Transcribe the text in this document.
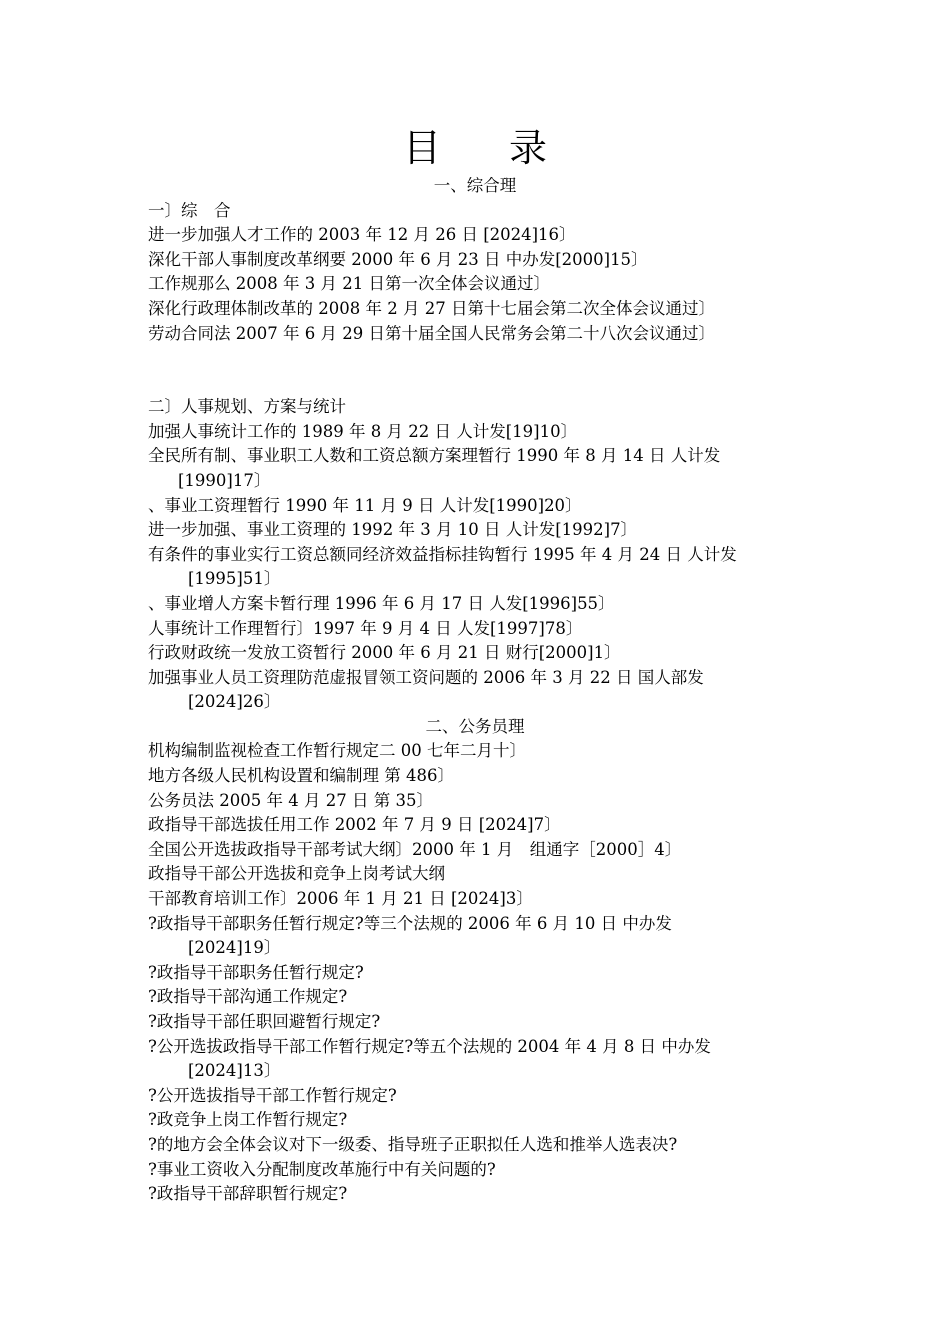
目 录
一、综合理
一〕综　合
进一步加强人才工作的 2003 年 12 月 26 日 [2024]16〕
深化干部人事制度改革纲要 2000 年 6 月 23 日 中办发[2000]15〕
工作规那么 2008 年 3 月 21 日第一次全体会议通过〕
深化行政理体制改革的 2008 年 2 月 27 日第十七届会第二次全体会议通过〕
劳动合同法 2007 年 6 月 29 日第十届全国人民常务会第二十八次会议通过〕
二〕人事规划、方案与统计
加强人事统计工作的 1989 年 8 月 22 日 人计发[19]10〕
全民所有制、事业职工人数和工资总额方案理暂行 1990 年 8 月 14 日 人计发
[1990]17〕
、事业工资理暂行 1990 年 11 月 9 日 人计发[1990]20〕
进一步加强、事业工资理的 1992 年 3 月 10 日 人计发[1992]7〕
有条件的事业实行工资总额同经济效益指标挂钩暂行 1995 年 4 月 24 日 人计发
[1995]51〕
、事业增人方案卡暂行理 1996 年 6 月 17 日 人发[1996]55〕
人事统计工作理暂行〕1997 年 9 月 4 日 人发[1997]78〕
行政财政统一发放工资暂行 2000 年 6 月 21 日 财行[2000]1〕
加强事业人员工资理防范虚报冒领工资问题的 2006 年 3 月 22 日 国人部发
[2024]26〕
二、公务员理
机构编制监视检查工作暂行规定二 00 七年二月十〕
地方各级人民机构设置和编制理 第 486〕
公务员法 2005 年 4 月 27 日 第 35〕
政指导干部选拔任用工作 2002 年 7 月 9 日 [2024]7〕
全国公开选拔政指导干部考试大纲〕2000 年 1 月　组通字［2000］4〕
政指导干部公开选拔和竞争上岗考试大纲
干部教育培训工作〕2006 年 1 月 21 日 [2024]3〕
?政指导干部职务任暂行规定?等三个法规的 2006 年 6 月 10 日 中办发
[2024]19〕
?政指导干部职务任暂行规定?
?政指导干部沟通工作规定?
?政指导干部任职回避暂行规定?
?公开选拔政指导干部工作暂行规定?等五个法规的 2004 年 4 月 8 日 中办发
[2024]13〕
?公开选拔指导干部工作暂行规定?
?政竞争上岗工作暂行规定?
?的地方会全体会议对下一级委、指导班子正职拟任人选和推举人选表决?
?事业工资收入分配制度改革施行中有关问题的?
?政指导干部辞职暂行规定?
